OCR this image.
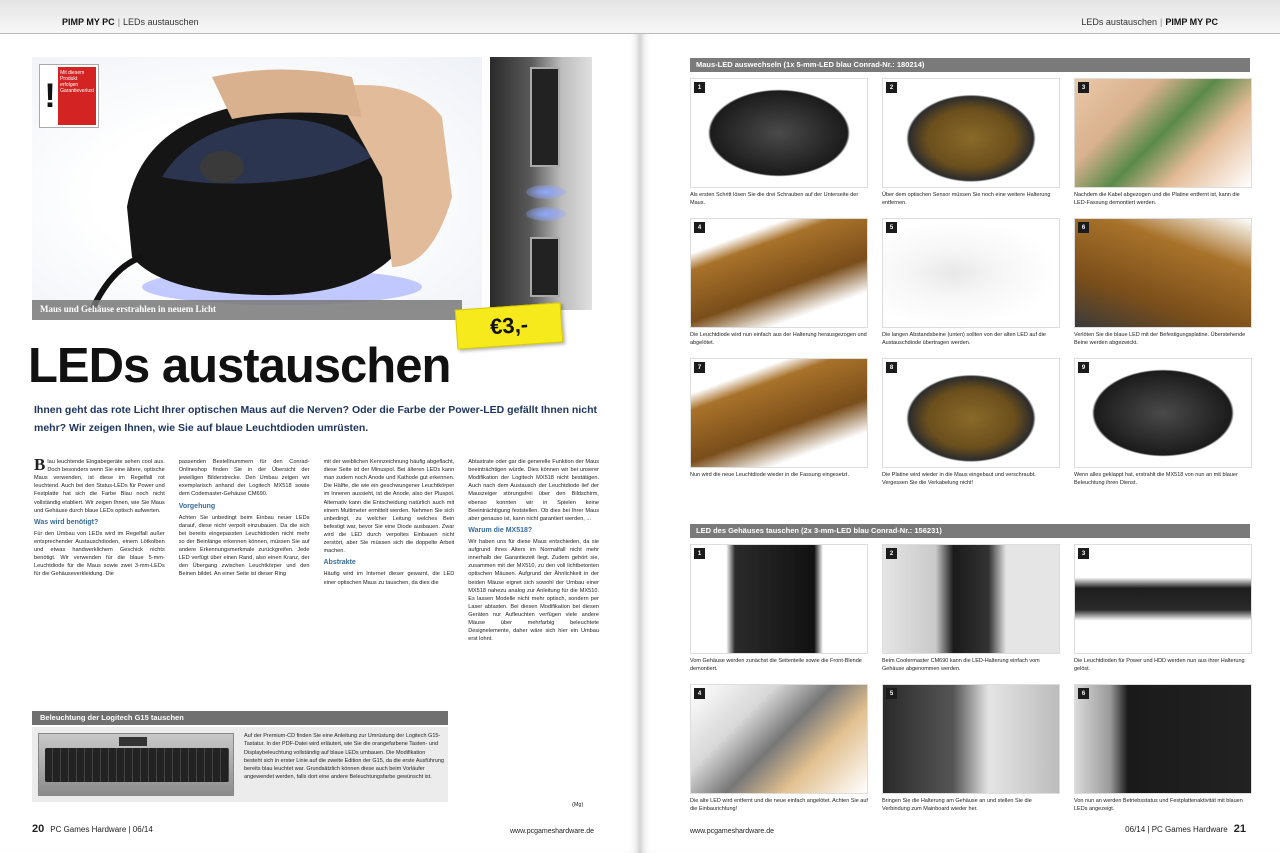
PIMP MY PC | LEDs austauschen
!
Mit diesem Produkt erfolgen Garantieverlust
Maus und Gehäuse erstrahlen in neuem Licht
€3,-
LEDs austauschen

Ihnen geht das rote Licht Ihrer optischen Maus auf die Nerven? Oder die Farbe der Power-LED gefällt Ihnen nicht mehr? Wir zeigen Ihnen, wie Sie auf blaue Leuchtdioden umrüsten.

B lau leuchtende Eingabegeräte sehen cool aus. Doch besonders wenn Sie eine ältere, optische Maus verwenden, ist diese im Regelfall rot leuchtend. Auch bei den Status-LEDs für Power und Festplatte hat sich die Farbe Blau noch nicht vollständig etabliert. Wir zeigen Ihnen, wie Sie Maus und Gehäuse durch blaue LEDs optisch aufwerten.
Was wird benötigt?
Für den Umbau von LEDs wird im Regelfall außer entsprechender Austauschdioden, einem Lötkolben und etwas handwerklichem Geschick nichts benötigt. Wir verwenden für die blaue 5-mm-Leuchtdiode für die Maus sowie zwei 3-mm-LEDs für die Gehäuseverkleidung. Die
passenden Bestellnummern für den Conrad-Onlineshop finden Sie in der Übersicht der jeweiligen Bilderstrecke. Den Umbau zeigen wir exemplarisch anhand der Logitech MX518 sowie dem Codemaster-Gehäuse CM690.
Vorgehung
Achten Sie unbedingt beim Einbau neuer LEDs darauf, diese nicht verpolt einzubauen. Da die sich bei bereits eingepassten Leuchtdioden nicht mehr so der Beinlänge erkennen können, müssen Sie auf andere Erkennungsmerkmale zurückgreifen. Jede LED verfügt über einen Rand, also einen Kranz, der den Übergang zwischen Leuchtkörper und den Beinen bildet. An einer Seite ist dieser Ring
mit der weiblichen Kennzeichnung häufig abgeflacht, diese Seite ist der Minuspol. Bei älteren LEDs kann man zudem noch Anode und Kathode gut erkennen. Die Hälfte, die wie ein geschwungener Leuchtkörper im Inneren aussieht, ist die Anode, also der Pluspol. Alternativ kann die Entscheidung natürlich auch mit einem Multimeter ermittelt werden. Nehmen Sie sich unbedingt, zu welcher Leitung welches Bein befestigt war, bevor Sie eine Diode ausbauen. Zwar wird die LED durch verpoltes Einbauen nicht zerstört, aber Sie müssen sich die doppelte Arbeit machen.
Abstrakte
Häufig wird im Internet dieser gewarnt, die LED einer optischen Maus zu tauschen, da dies die
Abtastrate oder gar die generelle Funktion der Maus beeinträchtigen würde. Dies können wir bei unserer Modifikation der Logitech MX518 nicht bestätigen. Auch nach dem Austausch der Leuchtdiode lief der Mauszeiger störungsfrei über den Bildschirm, ebenso konnten wir in Spielen keine Beeinträchtigung feststellen. Ob dies bei Ihrer Maus aber genauso ist, kann nicht garantiert werden, ...
Warum die MX518?
Wir haben uns für diese Maus entschieden, da sie aufgrund ihres Alters im Normalfall nicht mehr innerhalb der Garantiezeit liegt. Zudem gehört sie, zusammen mit der MX510, zu den voll lichtbetonten optischen Mäusen. Aufgrund der Ähnlichkeit in der beiden Mäuse eignet sich sowohl der Umbau einer MX518 nahezu analog zur Anleitung für die MX510. Es lassen Modelle nicht mehr optisch, sondern per Laser abtasten. Bei diesen Modifikation bei diesen Geräten nur Aufleuchten verfügen viele andere Mäuse über mehrfarbig beleuchtete Designelemente, daher wäre sich hier ein Umbau erst lohnt.
Beleuchtung der Logitech G15 tauschen
Auf der Premium-CD finden Sie eine Anleitung zur Umrüstung der Logitech G15-Tastatur. In der PDF-Datei wird erläutert, wie Sie die orangefarbene Tasten- und Displaybeleuchtung vollständig auf blaue LEDs umbauen. Die Modifikation besteht sich in erster Linie auf die zweite Edition der G15, da die erste Ausführung bereits blau leuchtet war. Grundsätzlich können diese auch beim Vorläufer angewendet werden, falls dort eine andere Beleuchtungsfarbe gewünscht ist.
(Mg)
20 PC Games Hardware | 06/14	www.pcgameshardware.de
LEDs austauschen | PIMP MY PC
Maus-LED auswechseln (1x 5-mm-LED blau Conrad-Nr.: 180214)
1
Als ersten Schritt lösen Sie die drei Schrauben auf der Unterseite der Maus.
2
Über dem optischen Sensor müssen Sie noch eine weitere Halterung entfernen.
3
Nachdem die Kabel abgezogen und die Platine entfernt ist, kann die LED-Fassung demontiert werden.
4
Die Leuchtdiode wird nun einfach aus der Halterung herausgezogen und abgelötet.
5
Die langen Abstandsbeine (unten) sollten von der alten LED auf die Austauschdiode übertragen werden.
6
Verlöten Sie die blaue LED mit der Befestigungsplatine. Überstehende Beine werden abgezwickt.
7
Nun wird die neue Leuchtdiode wieder in die Fassung eingesetzt.
8
Die Platine wird wieder in die Maus eingebaut und verschraubt. Vergessen Sie die Verkabelung nicht!
9
Wenn alles geklappt hat, erstrahlt die MX518 von nun an mit blauer Beleuchtung ihren Dienst.
LED des Gehäuses tauschen (2x 3-mm-LED blau Conrad-Nr.: 156231)
1
Vom Gehäuse werden zunächst die Seitenteile sowie die Front-Blende demontiert.
2
Beim Coolermaster CM690 kann die LED-Halterung einfach vom Gehäuse abgenommen werden.
3
Die Leuchtdioden für Power und HDD werden nun aus ihrer Halterung gelöst.
4
Die alte LED wird entfernt und die neue einfach angelötet. Achten Sie auf die Einbaurichtung!
5
Bringen Sie die Halterung am Gehäuse an und stellen Sie die Verbindung zum Mainboard wieder her.
6
Von nun an werden Betriebsstatus und Festplattenaktivität mit blauen LEDs angezeigt.
www.pcgameshardware.de	06/14 | PC Games Hardware 21
